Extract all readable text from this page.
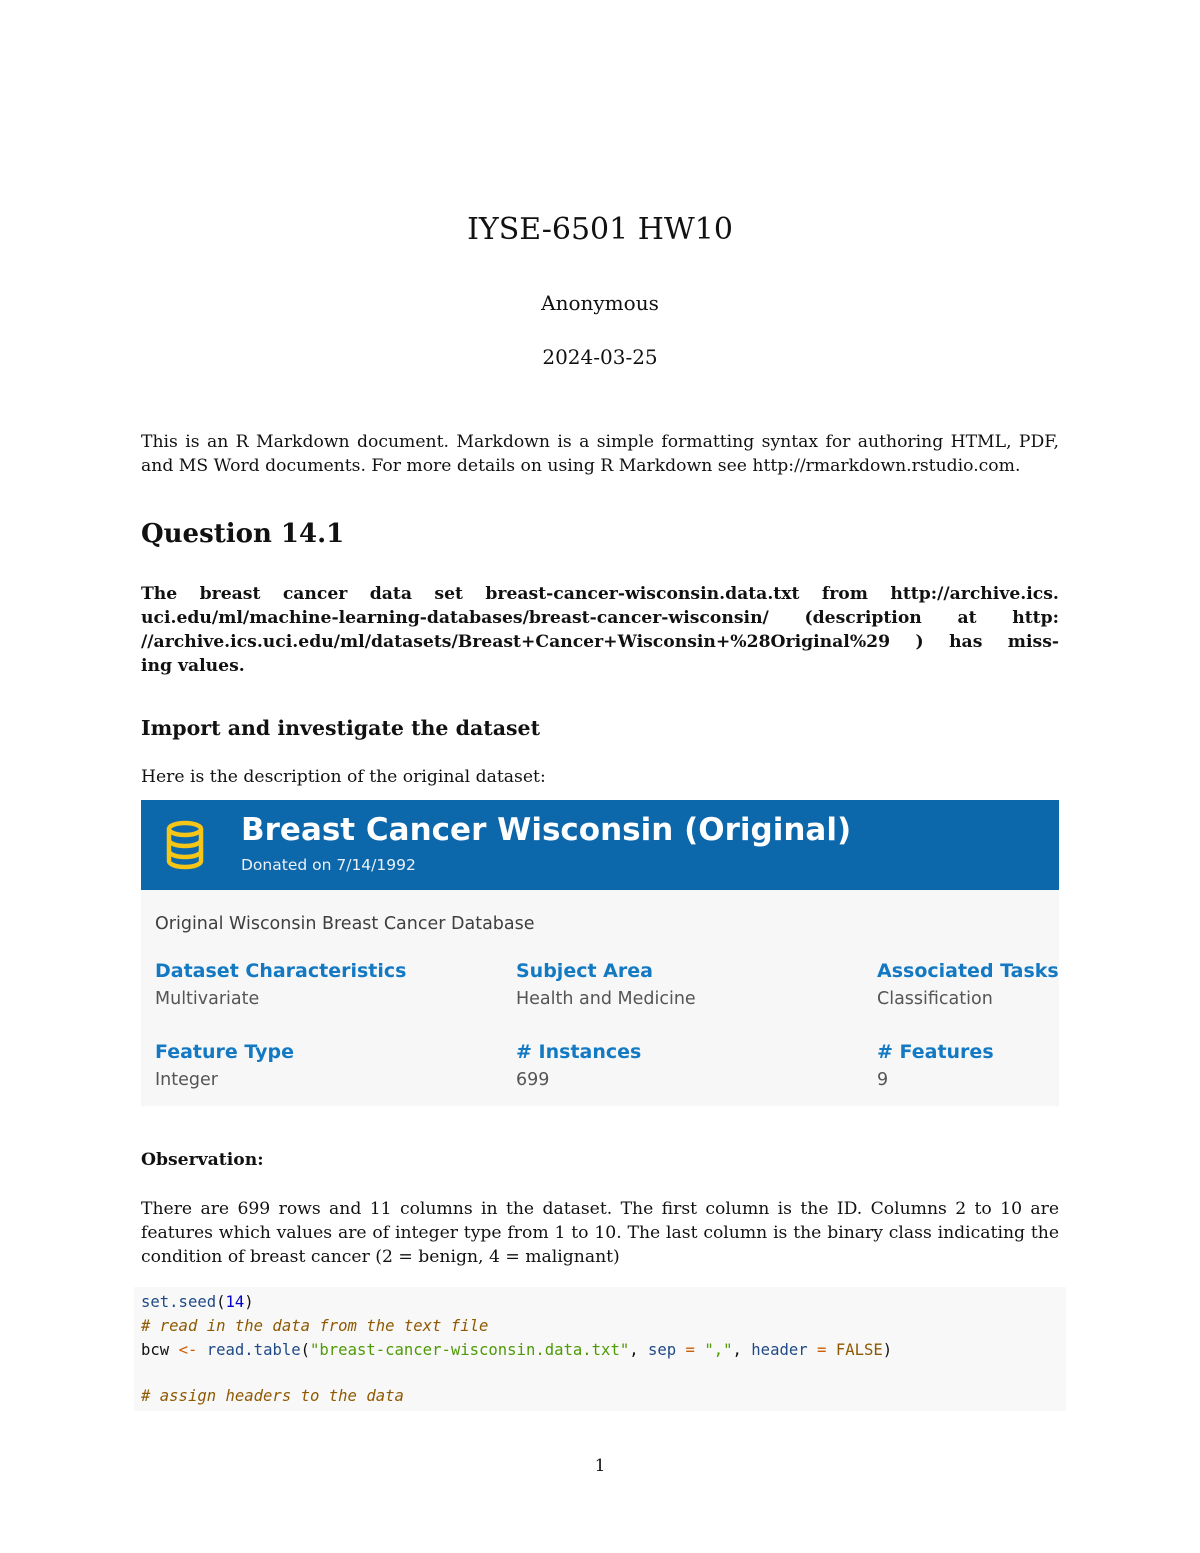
IYSE-6501 HW10
Anonymous
2024-03-25

This is an R Markdown document. Markdown is a simple formatting syntax for authoring HTML, PDF, and MS Word documents. For more details on using R Markdown see http://rmarkdown.rstudio.com.

Question 14.1
The breast cancer data set breast-cancer-wisconsin.data.txt from http://archive.ics.
uci.edu/ml/machine-learning-databases/breast-cancer-wisconsin/ (description at http:
//archive.ics.uci.edu/ml/datasets/Breast+Cancer+Wisconsin+%28Original%29 ) has miss-
ing values.
Import and investigate the dataset
Here is the description of the original dataset:
Breast Cancer Wisconsin (Original)
Donated on 7/14/1992
Original Wisconsin Breast Cancer Database
Dataset Characteristics
Multivariate
Subject Area
Health and Medicine
Associated Tasks
Classification
Feature Type
Integer
# Instances
699
# Features
9
Observation:
There are 699 rows and 11 columns in the dataset. The first column is the ID. Columns 2 to 10 are features which values are of integer type from 1 to 10. The last column is the binary class indicating the condition of breast cancer (2 = benign, 4 = malignant)
set.seed(14)
# read in the data from the text file
bcw <- read.table("breast-cancer-wisconsin.data.txt", sep = ",", header = FALSE)
# assign headers to the data
1
